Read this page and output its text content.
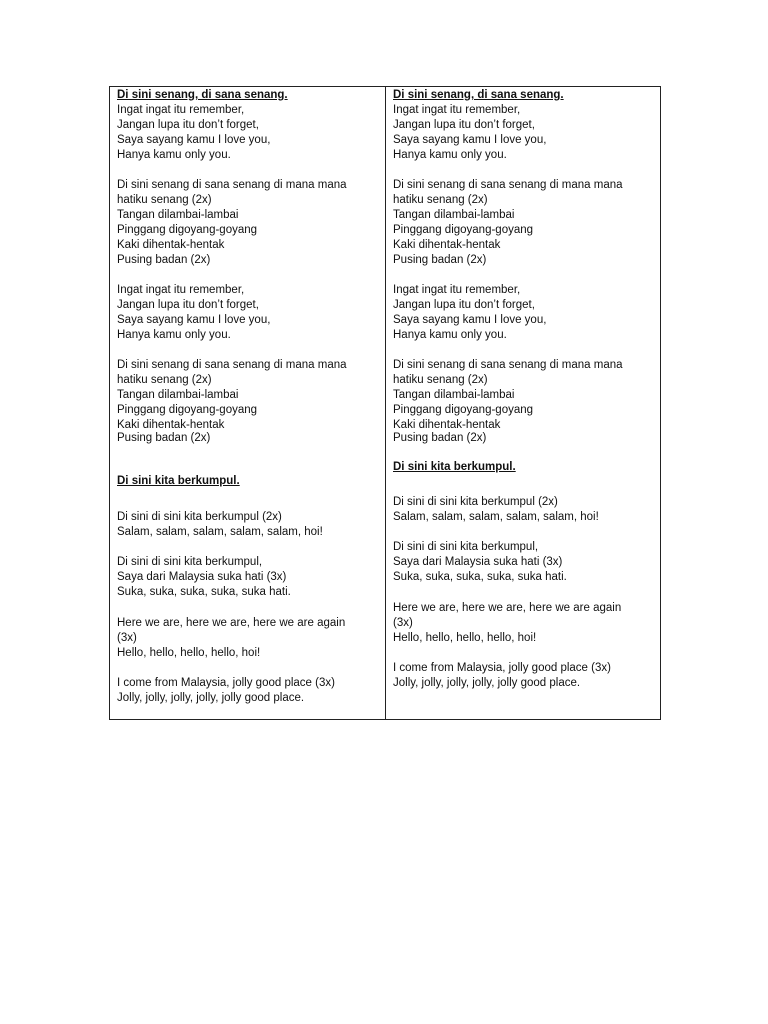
Di sini senang, di sana senang.
Ingat ingat itu remember,
Jangan lupa itu don’t forget,
Saya sayang kamu I love you,
Hanya kamu only you.
Di sini senang di sana senang di mana mana
hatiku senang (2x)
Tangan dilambai-lambai
Pinggang digoyang-goyang
Kaki dihentak-hentak
Pusing badan (2x)
Ingat ingat itu remember,
Jangan lupa itu don’t forget,
Saya sayang kamu I love you,
Hanya kamu only you.
Di sini senang di sana senang di mana mana
hatiku senang (2x)
Tangan dilambai-lambai
Pinggang digoyang-goyang
Kaki dihentak-hentak
Pusing badan (2x)
Di sini kita berkumpul.
Di sini di sini kita berkumpul (2x)
Salam, salam, salam, salam, salam, hoi!
Di sini di sini kita berkumpul,
Saya dari Malaysia suka hati (3x)
Suka, suka, suka, suka, suka hati.
Here we are, here we are, here we are again
(3x)
Hello, hello, hello, hello, hoi!
I come from Malaysia, jolly good place (3x)
Jolly, jolly, jolly, jolly, jolly good place.
Di sini senang, di sana senang.
Ingat ingat itu remember,
Jangan lupa itu don’t forget,
Saya sayang kamu I love you,
Hanya kamu only you.
Di sini senang di sana senang di mana mana
hatiku senang (2x)
Tangan dilambai-lambai
Pinggang digoyang-goyang
Kaki dihentak-hentak
Pusing badan (2x)
Ingat ingat itu remember,
Jangan lupa itu don’t forget,
Saya sayang kamu I love you,
Hanya kamu only you.
Di sini senang di sana senang di mana mana
hatiku senang (2x)
Tangan dilambai-lambai
Pinggang digoyang-goyang
Kaki dihentak-hentak
Pusing badan (2x)
Di sini kita berkumpul.
Di sini di sini kita berkumpul (2x)
Salam, salam, salam, salam, salam, hoi!
Di sini di sini kita berkumpul,
Saya dari Malaysia suka hati (3x)
Suka, suka, suka, suka, suka hati.
Here we are, here we are, here we are again
(3x)
Hello, hello, hello, hello, hoi!
I come from Malaysia, jolly good place (3x)
Jolly, jolly, jolly, jolly, jolly good place.
